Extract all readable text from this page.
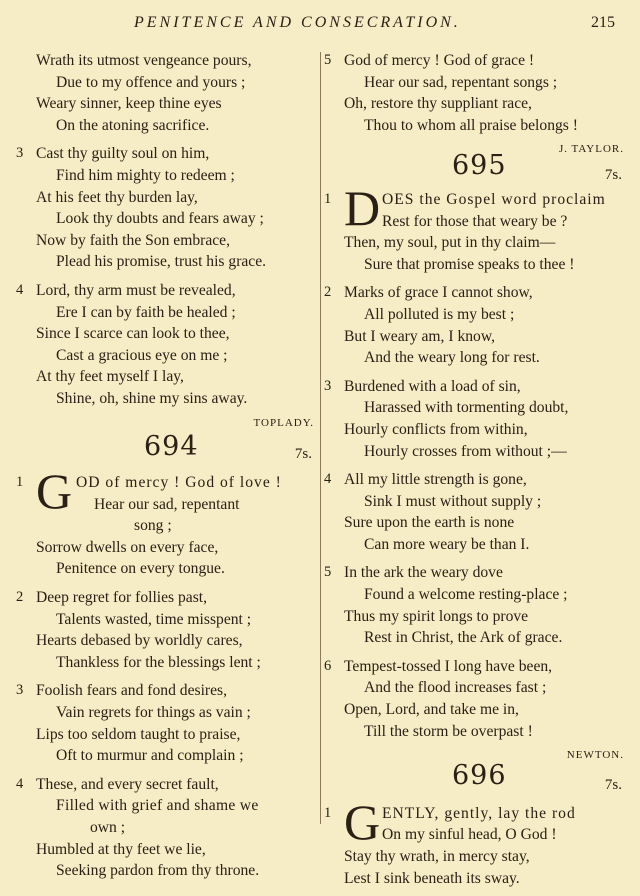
PENITENCE AND CONSECRATION.	215
Wrath its utmost vengeance pours,
Due to my offence and yours ;
Weary sinner, keep thine eyes
On the atoning sacrifice.
3 Cast thy guilty soul on him,
Find him mighty to redeem ;
At his feet thy burden lay,
Look thy doubts and fears away ;
Now by faith the Son embrace,
Plead his promise, trust his grace.
4 Lord, thy arm must be revealed,
Ere I can by faith be healed ;
Since I scarce can look to thee,
Cast a gracious eye on me ;
At thy feet myself I lay,
Shine, oh, shine my sins away.
TOPLADY.
694	7s.
1 G OD of mercy ! God of love !
Hear our sad, repentant
song ;
Sorrow dwells on every face,
Penitence on every tongue.
2 Deep regret for follies past,
Talents wasted, time misspent ;
Hearts debased by worldly cares,
Thankless for the blessings lent ;
3 Foolish fears and fond desires,
Vain regrets for things as vain ;
Lips too seldom taught to praise,
Oft to murmur and complain ;
4 These, and every secret fault,
Filled with grief and shame we
own ;
Humbled at thy feet we lie,
Seeking pardon from thy throne.
5 God of mercy ! God of grace !
Hear our sad, repentant songs ;
Oh, restore thy suppliant race,
Thou to whom all praise belongs !
J. TAYLOR.
695	7s.
1 D OES the Gospel word proclaim
Rest for those that weary be ?
Then, my soul, put in thy claim—
Sure that promise speaks to thee !
2 Marks of grace I cannot show,
All polluted is my best ;
But I weary am, I know,
And the weary long for rest.
3 Burdened with a load of sin,
Harassed with tormenting doubt,
Hourly conflicts from within,
Hourly crosses from without ;—
4 All my little strength is gone,
Sink I must without supply ;
Sure upon the earth is none
Can more weary be than I.
5 In the ark the weary dove
Found a welcome resting-place ;
Thus my spirit longs to prove
Rest in Christ, the Ark of grace.
6 Tempest-tossed I long have been,
And the flood increases fast ;
Open, Lord, and take me in,
Till the storm be overpast !
NEWTON.
696	7s.
1 G ENTLY, gently, lay the rod
On my sinful head, O God !
Stay thy wrath, in mercy stay,
Lest I sink beneath its sway.
